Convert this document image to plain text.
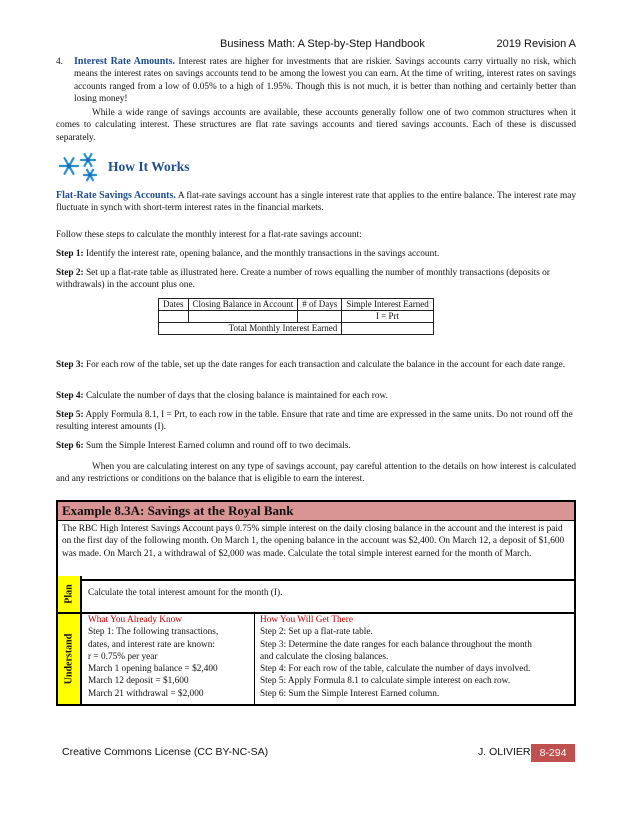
Business Math: A Step-by-Step Handbook	2019 Revision A
4.	Interest Rate Amounts. Interest rates are higher for investments that are riskier. Savings accounts carry virtually no risk, which means the interest rates on savings accounts tend to be among the lowest you can earn. At the time of writing, interest rates on savings accounts ranged from a low of 0.05% to a high of 1.95%. Though this is not much, it is better than nothing and certainly better than losing money!
While a wide range of savings accounts are available, these accounts generally follow one of two common structures when it comes to calculating interest. These structures are flat rate savings accounts and tiered savings accounts. Each of these is discussed separately.
How It Works
Flat-Rate Savings Accounts. A flat-rate savings account has a single interest rate that applies to the entire balance. The interest rate may fluctuate in synch with short-term interest rates in the financial markets.
Follow these steps to calculate the monthly interest for a flat-rate savings account:
Step 1: Identify the interest rate, opening balance, and the monthly transactions in the savings account.
Step 2: Set up a flat-rate table as illustrated here. Create a number of rows equalling the number of monthly transactions (deposits or withdrawals) in the account plus one.
Dates	Closing Balance in Account	# of Days	Simple Interest Earned
			I = Prt
Total Monthly Interest Earned			
Step 3: For each row of the table, set up the date ranges for each transaction and calculate the balance in the account for each date range.
Step 4: Calculate the number of days that the closing balance is maintained for each row.
Step 5: Apply Formula 8.1, I = Prt, to each row in the table. Ensure that rate and time are expressed in the same units. Do not round off the resulting interest amounts (I).
Step 6: Sum the Simple Interest Earned column and round off to two decimals.
When you are calculating interest on any type of savings account, pay careful attention to the details on how interest is calculated and any restrictions or conditions on the balance that is eligible to earn the interest.
Example 8.3A: Savings at the Royal Bank
The RBC High Interest Savings Account pays 0.75% simple interest on the daily closing balance in the account and the interest is paid on the first day of the following month. On March 1, the opening balance in the account was $2,400. On March 12, a deposit of $1,600 was made. On March 21, a withdrawal of $2,000 was made. Calculate the total simple interest earned for the month of March.
Plan	Calculate the total interest amount for the month (I).
Understand
What You Already Know
Step 1: The following transactions,
dates, and interest rate are known:
r = 0.75% per year
March 1 opening balance = $2,400
March 12 deposit = $1,600
March 21 withdrawal = $2,000
How You Will Get There
Step 2: Set up a flat-rate table.
Step 3: Determine the date ranges for each balance throughout the month
and calculate the closing balances.
Step 4: For each row of the table, calculate the number of days involved.
Step 5: Apply Formula 8.1 to calculate simple interest on each row.
Step 6: Sum the Simple Interest Earned column.
Creative Commons License (CC BY-NC-SA)	J. OLIVIER 8-294
